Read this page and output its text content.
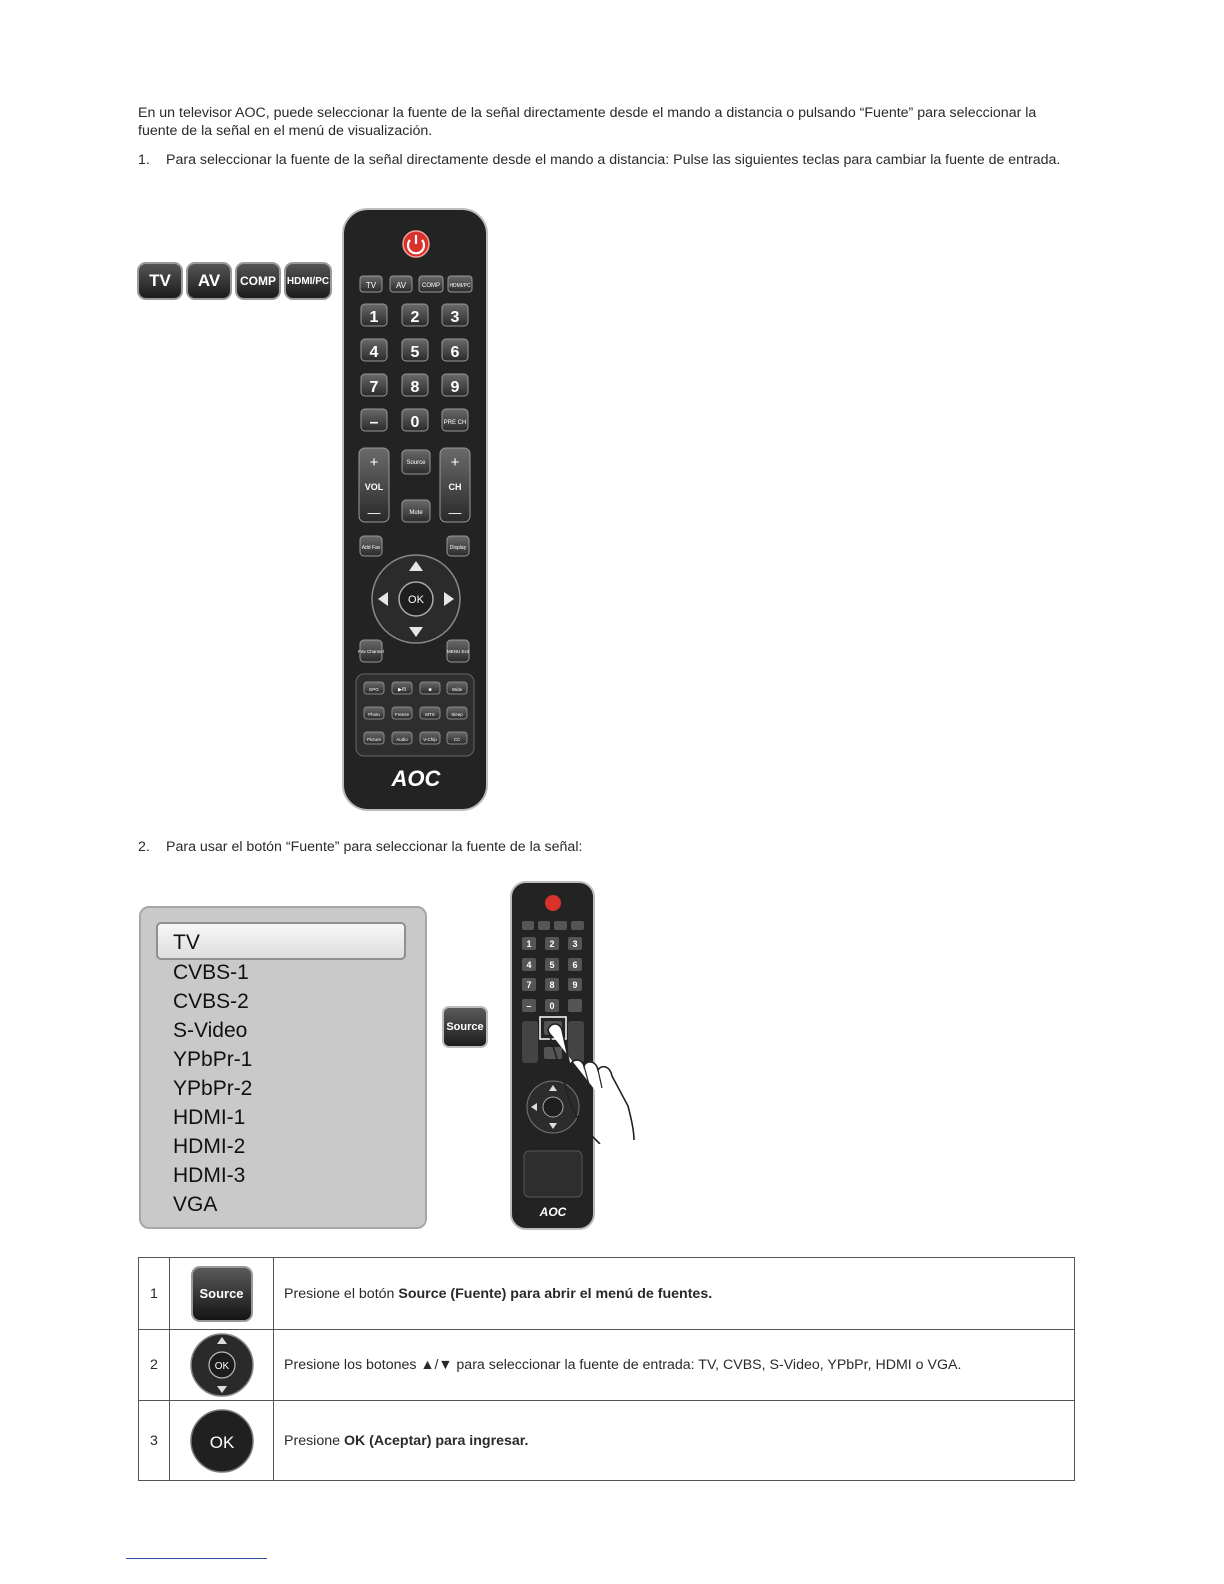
En un televisor AOC, puede seleccionar la fuente de la señal directamente desde el mando a distancia o pulsando “Fuente” para seleccionar la fuente de la señal en el menú de visualización.

1. Para seleccionar la fuente de la señal directamente desde el mando a distancia: Pulse las siguientes teclas para cambiar la fuente de entrada.
TV	AV	COMP	HDMI/PC	TV AV	COMP HDMI/PC
1 2 3
4 5 6
7 8 9
– 0	PRE CH
+	+
—	—
VOL	CH
Source
Mute
Add Fav	Display
OK
Fav Channel	MENU Exit
EPG	▶/II	■	Wide
Photo	Freeze	MTS	Sleep
Picture	Audio	V-Chip	CC
AOC
2. Para usar el botón “Fuente” para seleccionar la fuente de la señal:
TV
CVBS-1
CVBS-2
S-Video
YPbPr-1
YPbPr-2
HDMI-1
HDMI-2
HDMI-3
VGA
Source
1 2 3
4 5 6
7 8 9
– 0
AOC
1	Source	Presione el botón Source (Fuente) para abrir el menú de fuentes.
2	OK	Presione los botones ▲/▼ para seleccionar la fuente de entrada: TV, CVBS, S-Video, YPbPr, HDMI o VGA.
3	OK	Presione OK (Aceptar) para ingresar.
